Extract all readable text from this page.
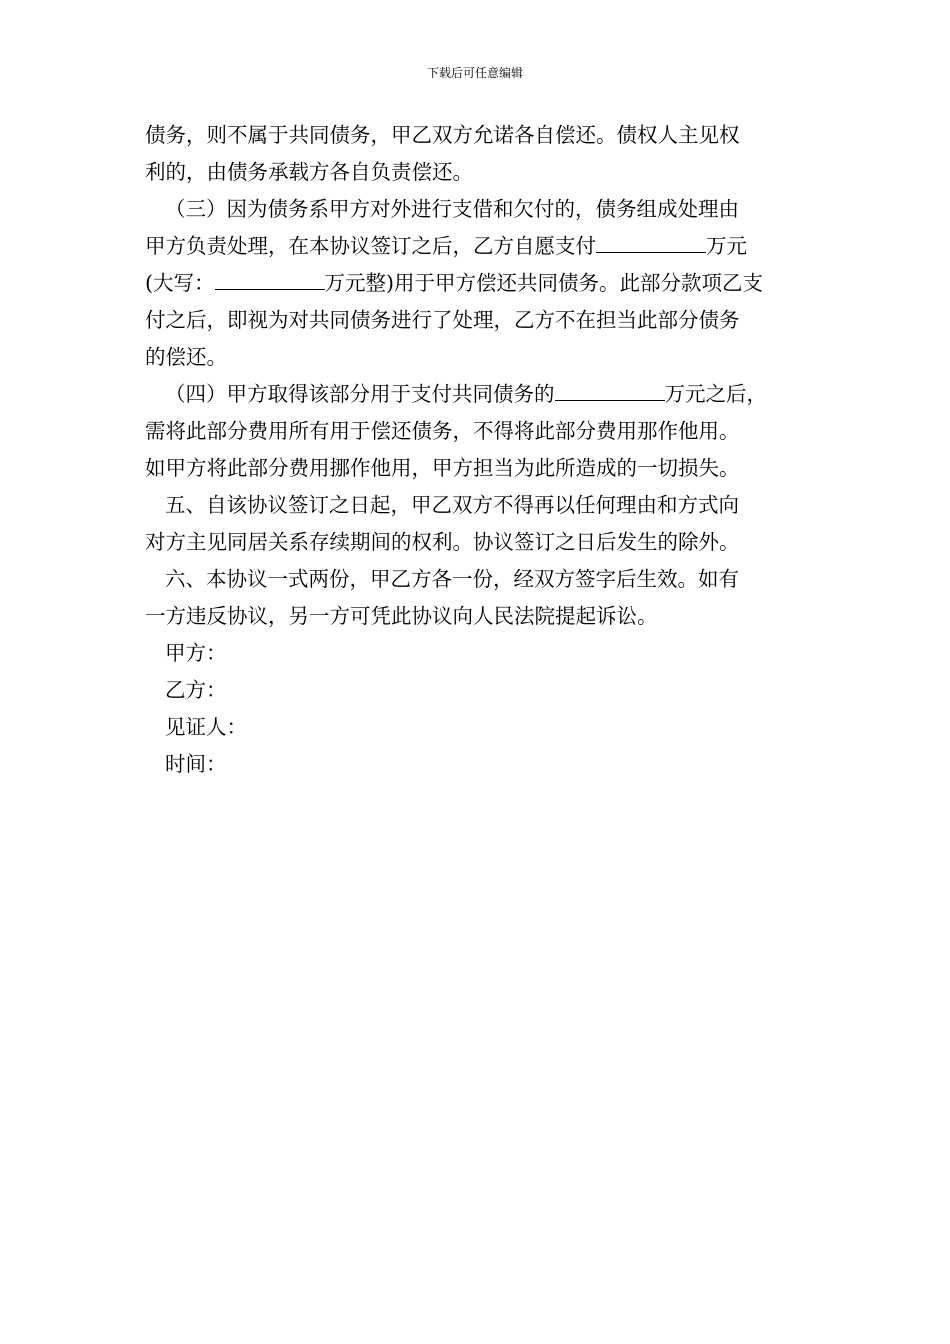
下载后可任意编辑
债务，则不属于共同债务，甲乙双方允诺各自偿还。债权人主见权
利的，由债务承载方各自负责偿还。
（三）因为债务系甲方对外进行支借和欠付的，债务组成处理由
甲方负责处理，在本协议签订之后，乙方自愿支付	万元
(大写：	万元整)用于甲方偿还共同债务。此部分款项乙支
付之后，即视为对共同债务进行了处理，乙方不在担当此部分债务
的偿还。
（四）甲方取得该部分用于支付共同债务的	万元之后，
需将此部分费用所有用于偿还债务，不得将此部分费用那作他用。
如甲方将此部分费用挪作他用，甲方担当为此所造成的一切损失。
五、自该协议签订之日起，甲乙双方不得再以任何理由和方式向
对方主见同居关系存续期间的权利。协议签订之日后发生的除外。
六、本协议一式两份，甲乙方各一份，经双方签字后生效。如有
一方违反协议，另一方可凭此协议向人民法院提起诉讼。
甲方：
乙方：
见证人：
时间：
